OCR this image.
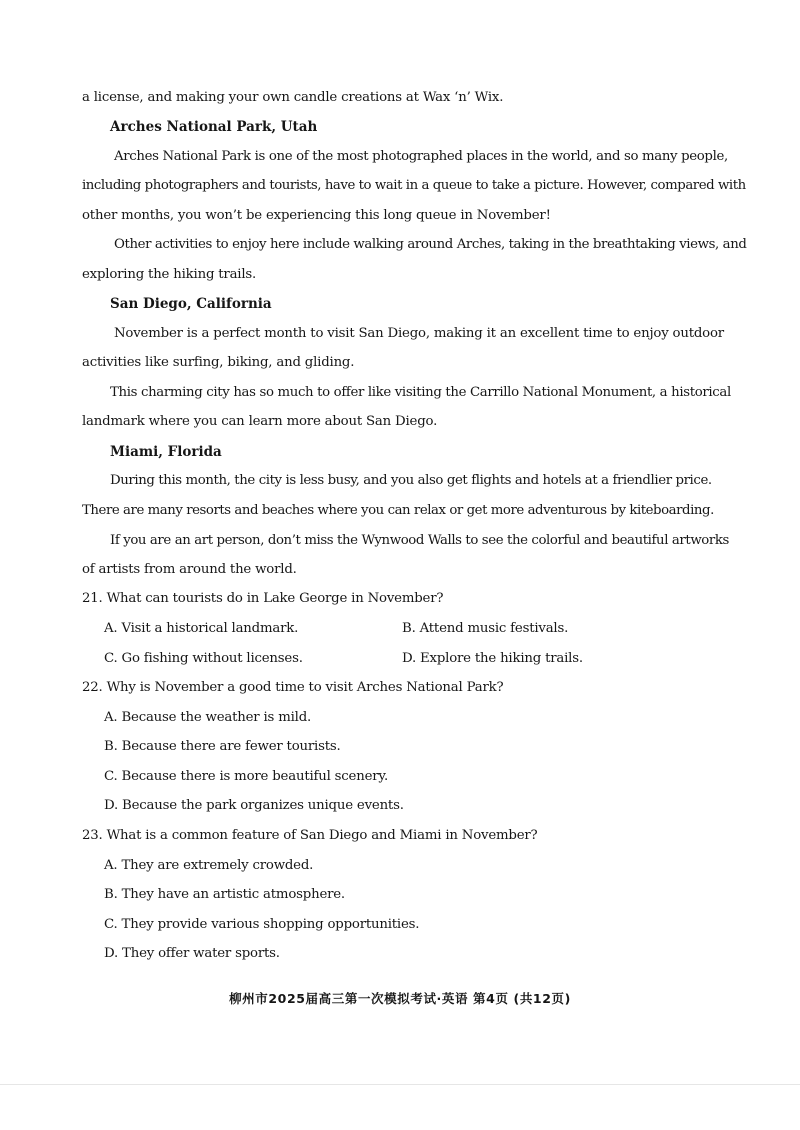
a license, and making your own candle creations at Wax ‘n’ Wix.
Arches National Park, Utah
Arches National Park is one of the most photographed places in the world, and so many people,
including photographers and tourists, have to wait in a queue to take a picture. However, compared with
other months, you won’t be experiencing this long queue in November!
Other activities to enjoy here include walking around Arches, taking in the breathtaking views, and
exploring the hiking trails.
San Diego, California
November is a perfect month to visit San Diego, making it an excellent time to enjoy outdoor
activities like surfing, biking, and gliding.
This charming city has so much to offer like visiting the Carrillo National Monument, a historical
landmark where you can learn more about San Diego.
Miami, Florida
During this month, the city is less busy, and you also get flights and hotels at a friendlier price.
There are many resorts and beaches where you can relax or get more adventurous by kiteboarding.
If you are an art person, don’t miss the Wynwood Walls to see the colorful and beautiful artworks
of artists from around the world.
21. What can tourists do in Lake George in November?
A. Visit a historical landmark.	B. Attend music festivals.
C. Go fishing without licenses.	D. Explore the hiking trails.
22. Why is November a good time to visit Arches National Park?
A. Because the weather is mild.
B. Because there are fewer tourists.
C. Because there is more beautiful scenery.
D. Because the park organizes unique events.
23. What is a common feature of San Diego and Miami in November?
A. They are extremely crowded.
B. They have an artistic atmosphere.
C. They provide various shopping opportunities.
D. They offer water sports.
柳州市2025届高三第一次模拟考试·英语 第4页 (共12页)
